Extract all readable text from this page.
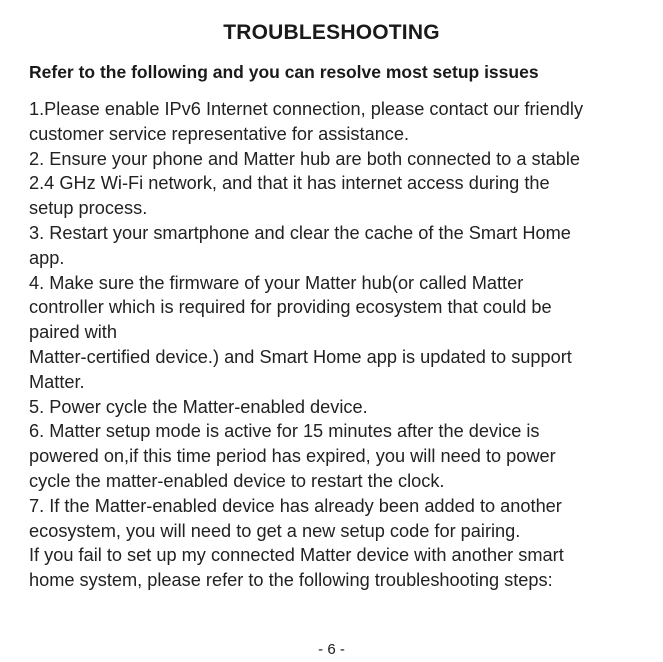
TROUBLESHOOTING
Refer to the following and you can resolve most setup issues
1.Please enable IPv6 Internet connection, please contact our friendly
customer service representative for assistance.
2. Ensure your phone and Matter hub are both connected to a stable
2.4 GHz Wi-Fi network, and that it has internet access during the
setup process.
3. Restart your smartphone and clear the cache of the Smart Home
app.
4. Make sure the firmware of your Matter hub(or called Matter
controller which is required for providing ecosystem that could be
paired with
Matter-certified device.) and Smart Home app is updated to support
Matter.
5. Power cycle the Matter-enabled device.
6. Matter setup mode is active for 15 minutes after the device is
powered on,if this time period has expired, you will need to power
cycle the matter-enabled device to restart the clock.
7. If the Matter-enabled device has already been added to another
ecosystem, you will need to get a new setup code for pairing.
If you fail to set up my connected Matter device with another smart
home system, please refer to the following troubleshooting steps:
- 6 -
